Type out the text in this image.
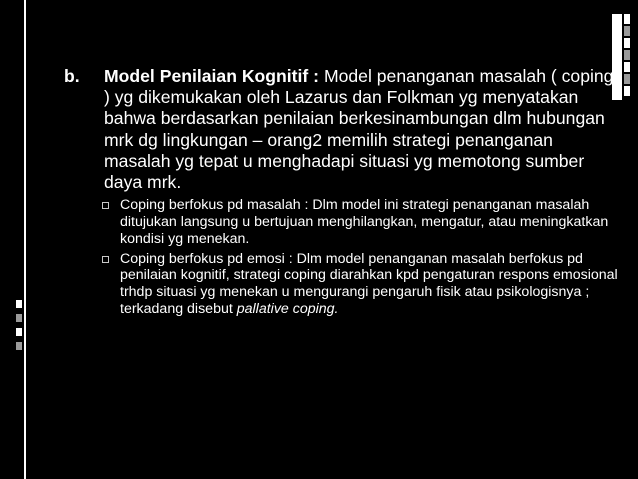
b.	Model Penilaian Kognitif : Model penanganan masalah ( coping ) yg dikemukakan oleh Lazarus dan Folkman yg menyatakan bahwa berdasarkan penilaian berkesinambungan dlm hubungan mrk dg lingkungan – orang2 memilih strategi penanganan masalah yg tepat u menghadapi situasi yg memotong sumber daya mrk.
Coping berfokus pd masalah : Dlm model ini strategi penanganan masalah ditujukan langsung u bertujuan menghilangkan, mengatur, atau meningkatkan kondisi yg menekan.
Coping berfokus pd emosi : Dlm model penanganan masalah berfokus pd penilaian kognitif, strategi coping diarahkan kpd pengaturan respons emosional trhdp situasi yg menekan u mengurangi pengaruh fisik atau psikologisnya ; terkadang disebut pallative coping.
